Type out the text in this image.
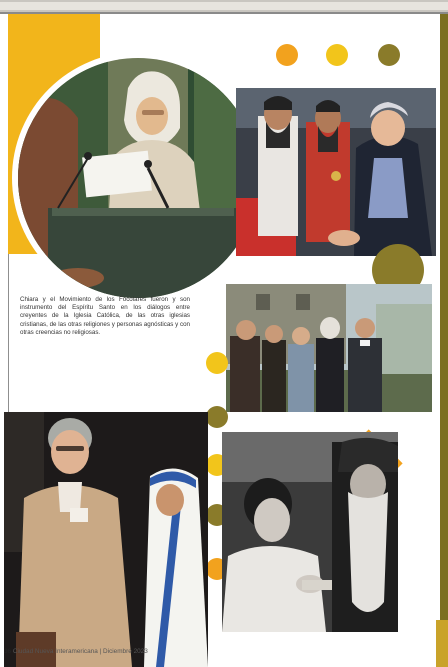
Chiara y el Movimiento de los Focolares fueron y son instrumento del Espíritu Santo en los diálogos entre creyentes de la Iglesia Católica, de las otras iglesias cristianas, de las otras religiones y personas agnósticas y con otras creencias no religiosas.
36 Ciudad Nueva Interamericana | Diciembre 2023
